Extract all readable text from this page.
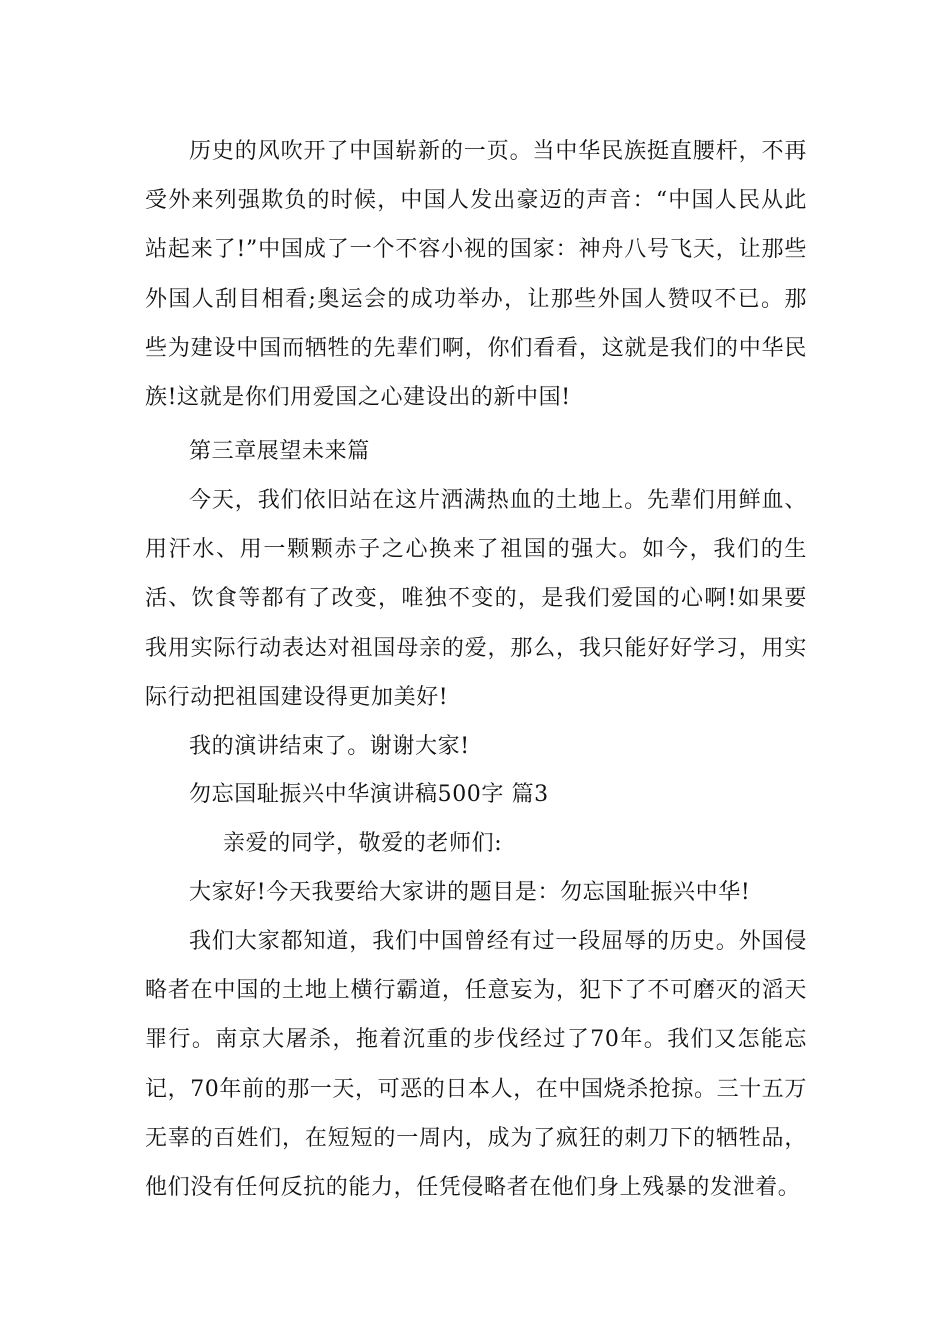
历史的风吹开了中国崭新的一页。当中华民族挺直腰杆，不再受外来列强欺负的时候，中国人发出豪迈的声音：“中国人民从此站起来了!”中国成了一个不容小视的国家：神舟八号飞天，让那些外国人刮目相看;奥运会的成功举办，让那些外国人赞叹不已。那些为建设中国而牺牲的先辈们啊，你们看看，这就是我们的中华民族!这就是你们用爱国之心建设出的新中国!

第三章展望未来篇

今天，我们依旧站在这片洒满热血的土地上。先辈们用鲜血、用汗水、用一颗颗赤子之心换来了祖国的强大。如今，我们的生活、饮食等都有了改变，唯独不变的，是我们爱国的心啊!如果要我用实际行动表达对祖国母亲的爱，那么，我只能好好学习，用实际行动把祖国建设得更加美好!

我的演讲结束了。谢谢大家!

勿忘国耻振兴中华演讲稿500字 篇3

亲爱的同学，敬爱的老师们:

大家好!今天我要给大家讲的题目是：勿忘国耻振兴中华!

我们大家都知道，我们中国曾经有过一段屈辱的历史。外国侵略者在中国的土地上横行霸道，任意妄为，犯下了不可磨灭的滔天罪行。南京大屠杀，拖着沉重的步伐经过了70年。我们又怎能忘记，70年前的那一天，可恶的日本人，在中国烧杀抢掠。三十五万无辜的百姓们，在短短的一周内，成为了疯狂的刺刀下的牺牲品，他们没有任何反抗的能力，任凭侵略者在他们身上残暴的发泄着。
